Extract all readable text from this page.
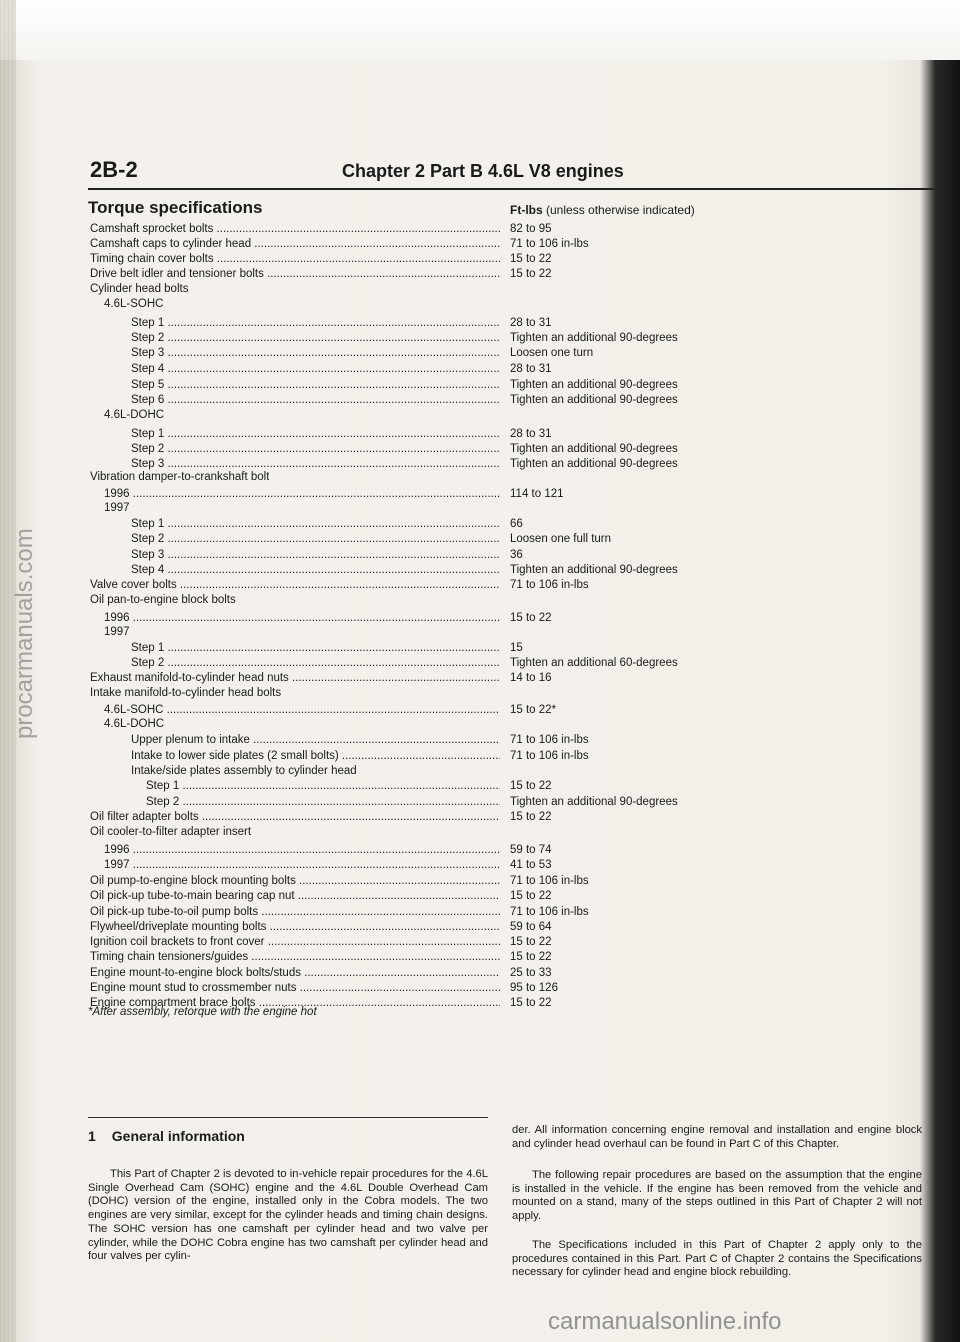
2B-2	Chapter 2 Part B 4.6L V8 engines
Torque specifications	Ft-lbs (unless otherwise indicated)
Camshaft sprocket bolts .....	82 to 95
Camshaft caps to cylinder head .....	71 to 106 in-lbs
Timing chain cover bolts .....	15 to 22
Drive belt idler and tensioner bolts .....	15 to 22
Cylinder head bolts
4.6L-SOHC
Step 1 .....	28 to 31
Step 2 .....	Tighten an additional 90-degrees
Step 3 .....	Loosen one turn
Step 4 .....	28 to 31
Step 5 .....	Tighten an additional 90-degrees
Step 6 .....	Tighten an additional 90-degrees
4.6L-DOHC
Step 1 .....	28 to 31
Step 2 .....	Tighten an additional 90-degrees
Step 3 .....	Tighten an additional 90-degrees
Vibration damper-to-crankshaft bolt
1996 .....	114 to 121
1997
Step 1 .....	66
Step 2 .....	Loosen one full turn
Step 3 .....	36
Step 4 .....	Tighten an additional 90-degrees
Valve cover bolts .....	71 to 106 in-lbs
Oil pan-to-engine block bolts
1996 .....	15 to 22
1997
Step 1 .....	15
Step 2 .....	Tighten an additional 60-degrees
Exhaust manifold-to-cylinder head nuts .....	14 to 16
Intake manifold-to-cylinder head bolts
4.6L-SOHC .....	15 to 22*
4.6L-DOHC
Upper plenum to intake .....	71 to 106 in-lbs
Intake to lower side plates (2 small bolts) .....	71 to 106 in-lbs
Intake/side plates assembly to cylinder head
Step 1 .....	15 to 22
Step 2 .....	Tighten an additional 90-degrees
Oil filter adapter bolts .....	15 to 22
Oil cooler-to-filter adapter insert
1996 .....	59 to 74
1997 .....	41 to 53
Oil pump-to-engine block mounting bolts .....	71 to 106 in-lbs
Oil pick-up tube-to-main bearing cap nut .....	15 to 22
Oil pick-up tube-to-oil pump bolts .....	71 to 106 in-lbs
Flywheel/driveplate mounting bolts .....	59 to 64
Ignition coil brackets to front cover .....	15 to 22
Timing chain tensioners/guides .....	15 to 22
Engine mount-to-engine block bolts/studs .....	25 to 33
Engine mount stud to crossmember nuts .....	95 to 126
Engine compartment brace bolts .....	15 to 22
*After assembly, retorque with the engine hot
1 General information
This Part of Chapter 2 is devoted to in-vehicle repair procedures for the 4.6L Single Overhead Cam (SOHC) engine and the 4.6L Double Overhead Cam (DOHC) version of the engine, installed only in the Cobra models. The two engines are very similar, except for the cylinder heads and timing chain designs. The SOHC version has one camshaft per cylinder head and two valve per cylinder, while the DOHC Cobra engine has two camshaft per cylinder head and four valves per cylin-
der. All information concerning engine removal and installation and engine block and cylinder head overhaul can be found in Part C of this Chapter.
The following repair procedures are based on the assumption that the engine is installed in the vehicle. If the engine has been removed from the vehicle and mounted on a stand, many of the steps outlined in this Part of Chapter 2 will not apply.
The Specifications included in this Part of Chapter 2 apply only to the procedures contained in this Part. Part C of Chapter 2 contains the Specifications necessary for cylinder head and engine block rebuilding.
procarmanuals.com
carmanualsonline.info
